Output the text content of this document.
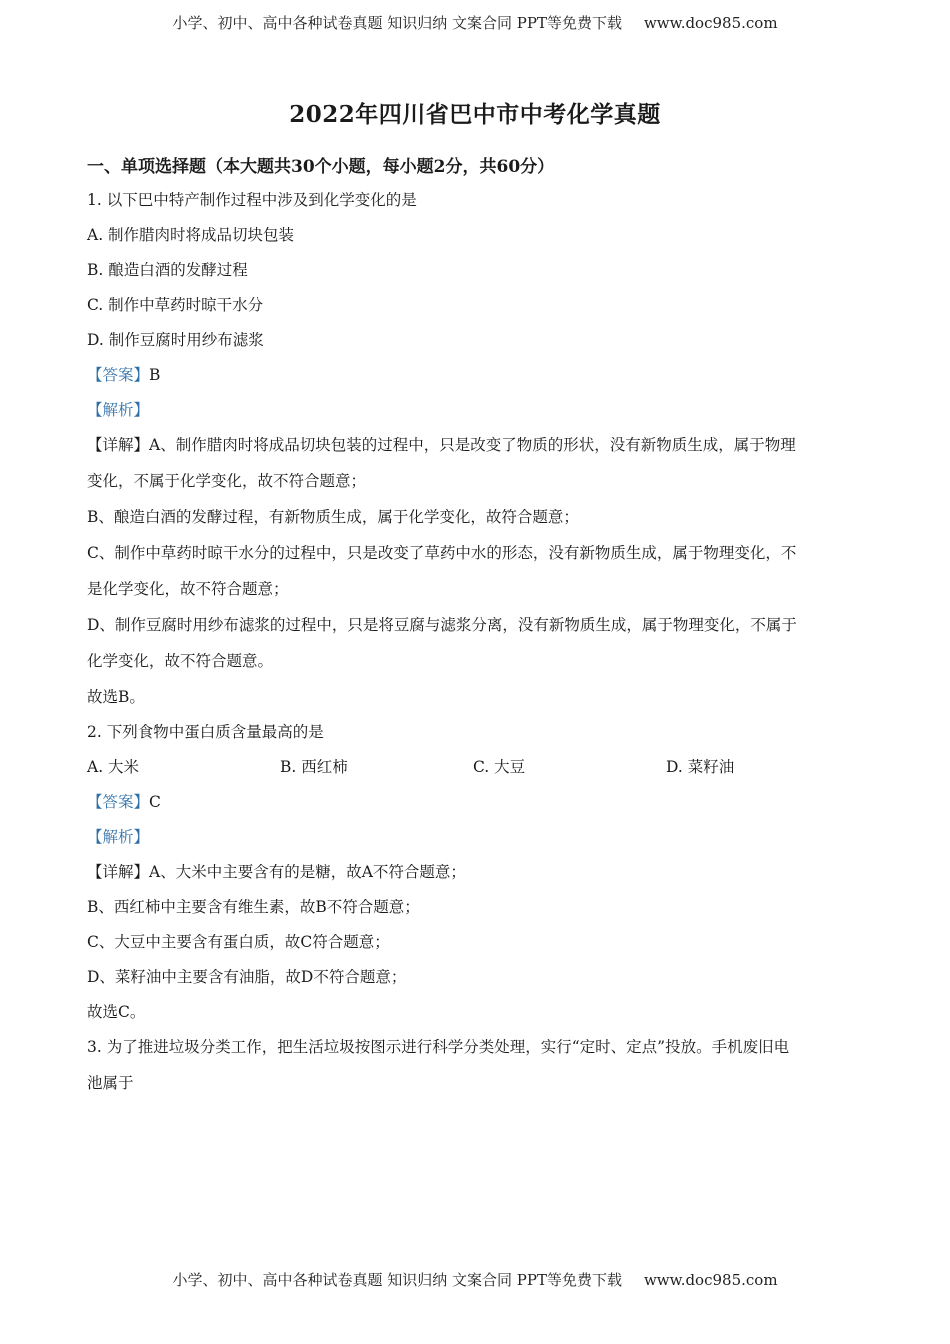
小学、初中、高中各种试卷真题 知识归纳 文案合同 PPT等免费下载 www.doc985.com
2022年四川省巴中市中考化学真题
一、单项选择题（本大题共30个小题，每小题2分，共60分）
1. 以下巴中特产制作过程中涉及到化学变化的是
A. 制作腊肉时将成品切块包装
B. 酿造白酒的发酵过程
C. 制作中草药时晾干水分
D. 制作豆腐时用纱布滤浆
【答案】B
【解析】
【详解】A、制作腊肉时将成品切块包装的过程中，只是改变了物质的形状，没有新物质生成，属于物理
变化，不属于化学变化，故不符合题意；
B、酿造白酒的发酵过程，有新物质生成，属于化学变化，故符合题意；
C、制作中草药时晾干水分的过程中，只是改变了草药中水的形态，没有新物质生成，属于物理变化，不
是化学变化，故不符合题意；
D、制作豆腐时用纱布滤浆的过程中，只是将豆腐与滤浆分离，没有新物质生成，属于物理变化，不属于
化学变化，故不符合题意。
故选B。
2. 下列食物中蛋白质含量最高的是
A. 大米	B. 西红柿	C. 大豆	D. 菜籽油
【答案】C
【解析】
【详解】A、大米中主要含有的是糖，故A不符合题意；
B、西红柿中主要含有维生素，故B不符合题意；
C、大豆中主要含有蛋白质，故C符合题意；
D、菜籽油中主要含有油脂，故D不符合题意；
故选C。
3. 为了推进垃圾分类工作，把生活垃圾按图示进行科学分类处理，实行“定时、定点”投放。手机废旧电
池属于
小学、初中、高中各种试卷真题 知识归纳 文案合同 PPT等免费下载 www.doc985.com
